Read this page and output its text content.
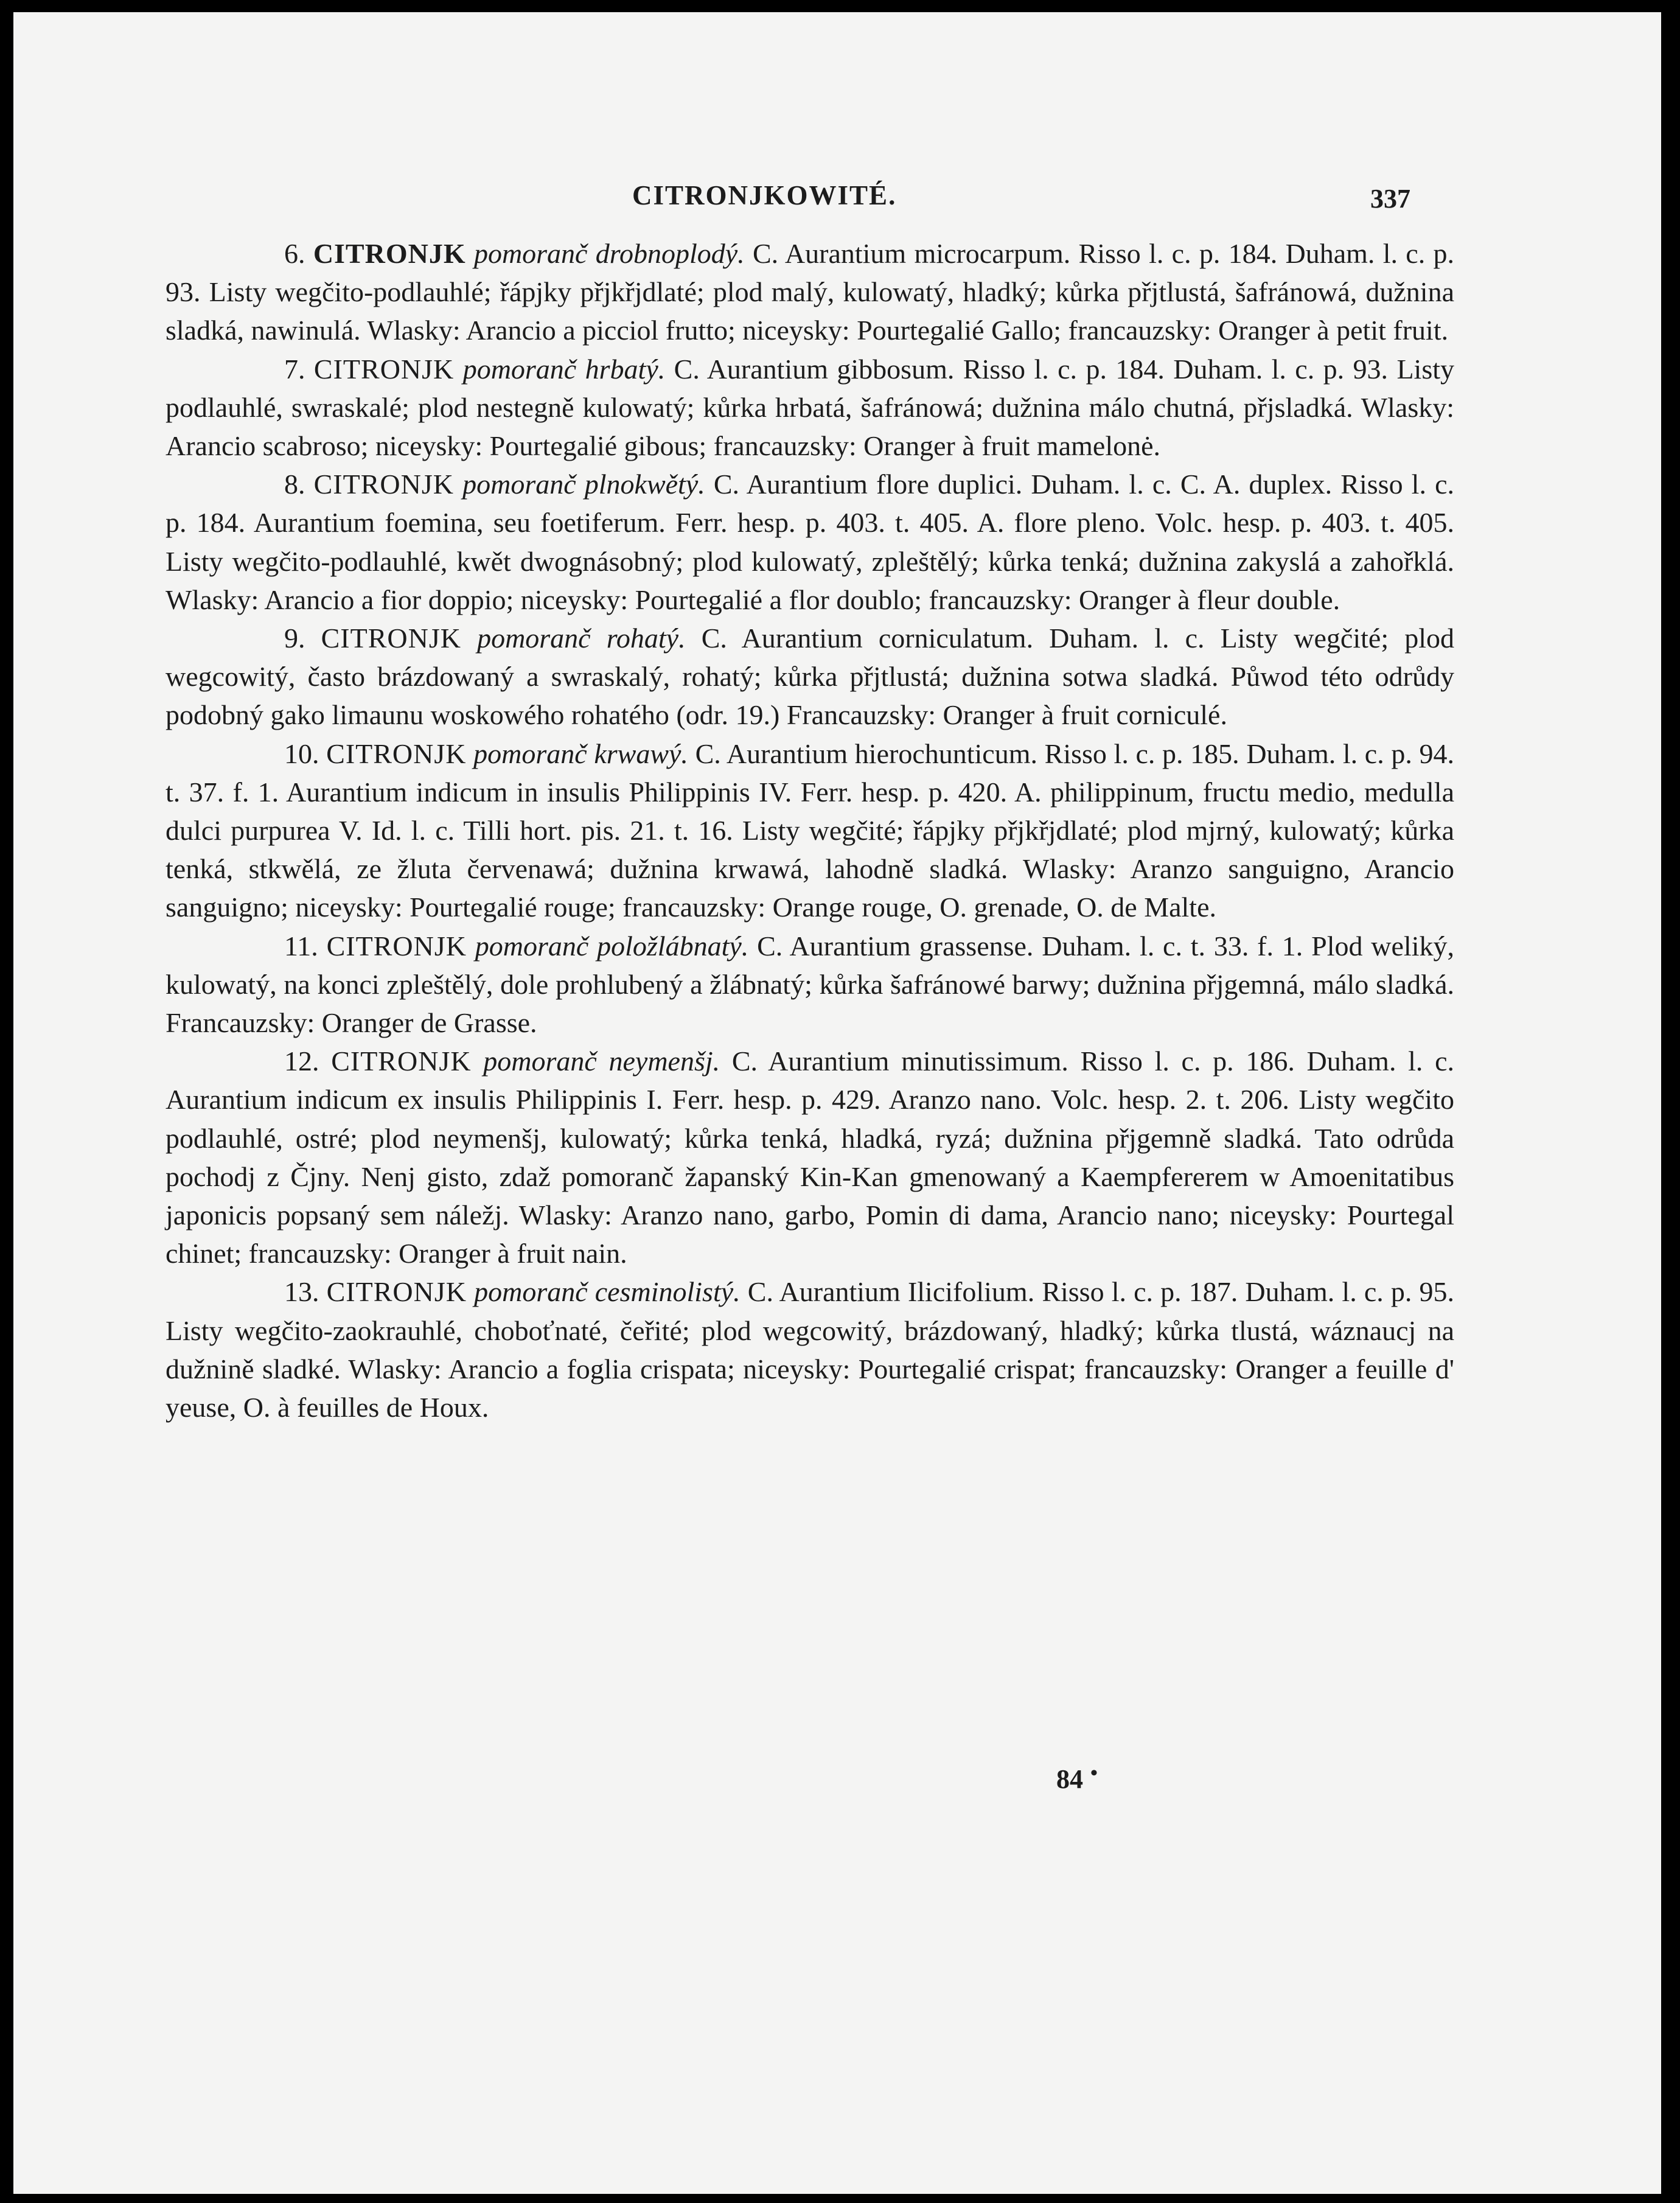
CITRONJKOWITÉ.	337

6. CITRONJK pomoranč drobnoplodý. C. Aurantium microcarpum. Risso l. c. p. 184. Duham. l. c. p. 93. Listy wegčito-podlauhlé; řápjky přjkřjdlaté; plod malý, kulowatý, hladký; kůrka přjtlustá, šafránowá, dužnina sladká, nawinulá. Wlasky: Arancio a picciol frutto; niceysky: Pourtegalié Gallo; francauzsky: Oranger à petit fruit.

7. CITRONJK pomoranč hrbatý. C. Aurantium gibbosum. Risso l. c. p. 184. Duham. l. c. p. 93. Listy podlauhlé, swraskalé; plod nestegně kulowatý; kůrka hrbatá, šafránowá; dužnina málo chutná, přjsladká. Wlasky: Arancio scabroso; niceysky: Pourtegalié gibous; francauzsky: Oranger à fruit mamelonė.

8. CITRONJK pomoranč plnokwětý. C. Aurantium flore duplici. Duham. l. c. C. A. duplex. Risso l. c. p. 184. Aurantium foemina, seu foetiferum. Ferr. hesp. p. 403. t. 405. A. flore pleno. Volc. hesp. p. 403. t. 405. Listy wegčito-podlauhlé, kwět dwognásobný; plod kulowatý, zpleštělý; kůrka tenká; dužnina zakyslá a zahořklá. Wlasky: Arancio a fior doppio; niceysky: Pourtegalié a flor doublo; francauzsky: Oranger à fleur double.

9. CITRONJK pomoranč rohatý. C. Aurantium corniculatum. Duham. l. c. Listy wegčité; plod wegcowitý, často brázdowaný a swraskalý, rohatý; kůrka přjtlustá; dužnina sotwa sladká. Půwod této odrůdy podobný gako limaunu woskowého rohatého (odr. 19.) Francauzsky: Oranger à fruit corniculé.

10. CITRONJK pomoranč krwawý. C. Aurantium hierochunticum. Risso l. c. p. 185. Duham. l. c. p. 94. t. 37. f. 1. Aurantium indicum in insulis Philippinis IV. Ferr. hesp. p. 420. A. philippinum, fructu medio, medulla dulci purpurea V. Id. l. c. Tilli hort. pis. 21. t. 16. Listy wegčité; řápjky přjkřjdlaté; plod mjrný, kulowatý; kůrka tenká, stkwělá, ze žluta červenawá; dužnina krwawá, lahodně sladká. Wlasky: Aranzo sanguigno, Arancio sanguigno; niceysky: Pourtegalié rouge; francauzsky: Orange rouge, O. grenade, O. de Malte.

11. CITRONJK pomoranč položlábnatý. C. Aurantium grassense. Duham. l. c. t. 33. f. 1. Plod weliký, kulowatý, na konci zpleštělý, dole prohlubený a žlábnatý; kůrka šafránowé barwy; dužnina přjgemná, málo sladká. Francauzsky: Oranger de Grasse.

12. CITRONJK pomoranč neymenšj. C. Aurantium minutissimum. Risso l. c. p. 186. Duham. l. c. Aurantium indicum ex insulis Philippinis I. Ferr. hesp. p. 429. Aranzo nano. Volc. hesp. 2. t. 206. Listy wegčito podlauhlé, ostré; plod neymenšj, kulowatý; kůrka tenká, hladká, ryzá; dužnina přjgemně sladká. Tato odrůda pochodj z Čjny. Nenj gisto, zdaž pomoranč žapanský Kin-Kan gmenowaný a Kaempfererem w Amoenitatibus japonicis popsaný sem náležj. Wlasky: Aranzo nano, garbo, Pomin di dama, Arancio nano; niceysky: Pourtegal chinet; francauzsky: Oranger à fruit nain.

13. CITRONJK pomoranč cesminolistý. C. Aurantium Ilicifolium. Risso l. c. p. 187. Duham. l. c. p. 95. Listy wegčito-zaokrauhlé, choboťnaté, čeřité; plod wegcowitý, brázdowaný, hladký; kůrka tlustá, wáznaucj na dužnině sladké. Wlasky: Arancio a foglia crispata; niceysky: Pourtegalié crispat; francauzsky: Oranger a feuille d' yeuse, O. à feuilles de Houx.

84 •
